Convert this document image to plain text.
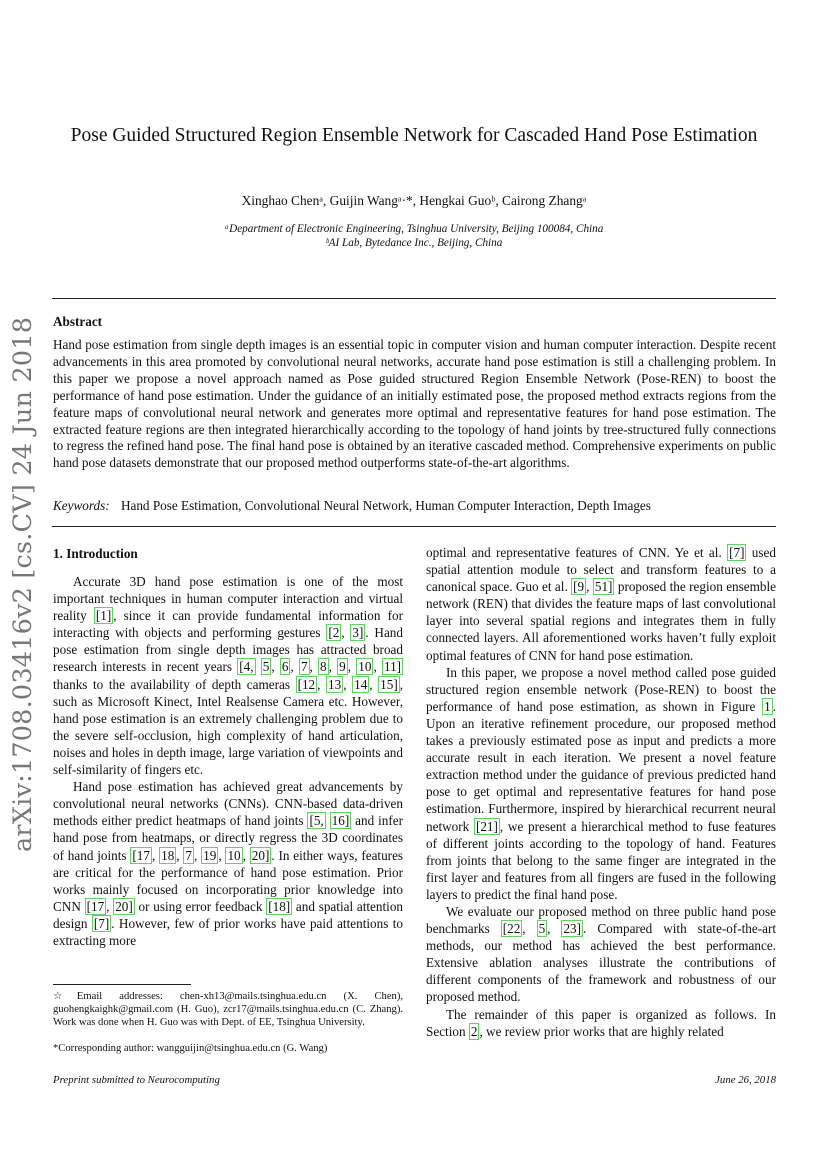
Pose Guided Structured Region Ensemble Network for Cascaded Hand Pose Estimation
Xinghao Chenᵃ, Guijin Wangᵃ·*, Hengkai Guoᵇ, Cairong Zhangᵃ
ᵃDepartment of Electronic Engineering, Tsinghua University, Beijing 100084, China
ᵇAI Lab, Bytedance Inc., Beijing, China
Abstract
Hand pose estimation from single depth images is an essential topic in computer vision and human computer interaction. Despite recent advancements in this area promoted by convolutional neural networks, accurate hand pose estimation is still a challenging problem. In this paper we propose a novel approach named as Pose guided structured Region Ensemble Network (Pose-REN) to boost the performance of hand pose estimation. Under the guidance of an initially estimated pose, the proposed method extracts regions from the feature maps of convolutional neural network and generates more optimal and representative features for hand pose estimation. The extracted feature regions are then integrated hierarchically according to the topology of hand joints by tree-structured fully connections to regress the refined hand pose. The final hand pose is obtained by an iterative cascaded method. Comprehensive experiments on public hand pose datasets demonstrate that our proposed method outperforms state-of-the-art algorithms.
Keywords: Hand Pose Estimation, Convolutional Neural Network, Human Computer Interaction, Depth Images
arXiv:1708.03416v2 [cs.CV] 24 Jun 2018 1. Introduction

Accurate 3D hand pose estimation is one of the most important techniques in human computer interaction and virtual reality [1] , since it can provide fundamental information for interacting with objects and performing gestures [2 , 3] . Hand pose estimation from single depth images has attracted broad research interests in recent years [4, 5 , 6 , 7 , 8 , 9 , 10 , 11] thanks to the availability of depth cameras [12 , 13 , 14 , 15] , such as Microsoft Kinect, Intel Realsense Camera etc. However, hand pose estimation is an extremely challenging problem due to the severe self-occlusion, high complexity of hand articulation, noises and holes in depth image, large variation of viewpoints and self-similarity of fingers etc.

Hand pose estimation has achieved great advancements by convolutional neural networks (CNNs). CNN-based data-driven methods either predict heatmaps of hand joints [5, 16] and infer hand pose from heatmaps, or directly regress the 3D coordinates of hand joints [17 , 18 , 7 , 19 , 10 , 20] . In either ways, features are critical for the performance of hand pose estimation. Prior works mainly focused on incorporating prior knowledge into CNN [17 , 20] or using error feedback [18] and spatial attention design [7] . However, few of prior works have paid attentions to extracting more

optimal and representative features of CNN. Ye et al. [7] used spatial attention module to select and transform features to a canonical space. Guo et al. [9 , 51] proposed the region ensemble network (REN) that divides the feature maps of last convolutional layer into several spatial regions and integrates them in fully connected layers. All aforementioned works haven’t fully exploit optimal features of CNN for hand pose estimation.

In this paper, we propose a novel method called pose guided structured region ensemble network (Pose-REN) to boost the performance of hand pose estimation, as shown in Figure 1 . Upon an iterative refinement procedure, our proposed method takes a previously estimated pose as input and predicts a more accurate result in each iteration. We present a novel feature extraction method under the guidance of previous predicted hand pose to get optimal and representative features for hand pose estimation. Furthermore, inspired by hierarchical recurrent neural network [21] , we present a hierarchical method to fuse features of different joints according to the topology of hand. Features from joints that belong to the same finger are integrated in the first layer and features from all fingers are fused in the following layers to predict the final hand pose.

We evaluate our proposed method on three public hand pose benchmarks [22 , 5 , 23] . Compared with state-of-the-art methods, our method has achieved the best performance. Extensive ablation analyses illustrate the contributions of different components of the framework and robustness of our proposed method.

The remainder of this paper is organized as follows. In Section 2 , we review prior works that are highly related

☆Email addresses: chen-xh13@mails.tsinghua.edu.cn (X. Chen), guohengkaighk@gmail.com (H. Guo), zcr17@mails.tsinghua.edu.cn (C. Zhang). Work was done when H. Guo was with Dept. of EE, Tsinghua University.
*Corresponding author: wangguijin@tsinghua.edu.cn (G. Wang)
Preprint submitted to Neurocomputing	June 26, 2018
